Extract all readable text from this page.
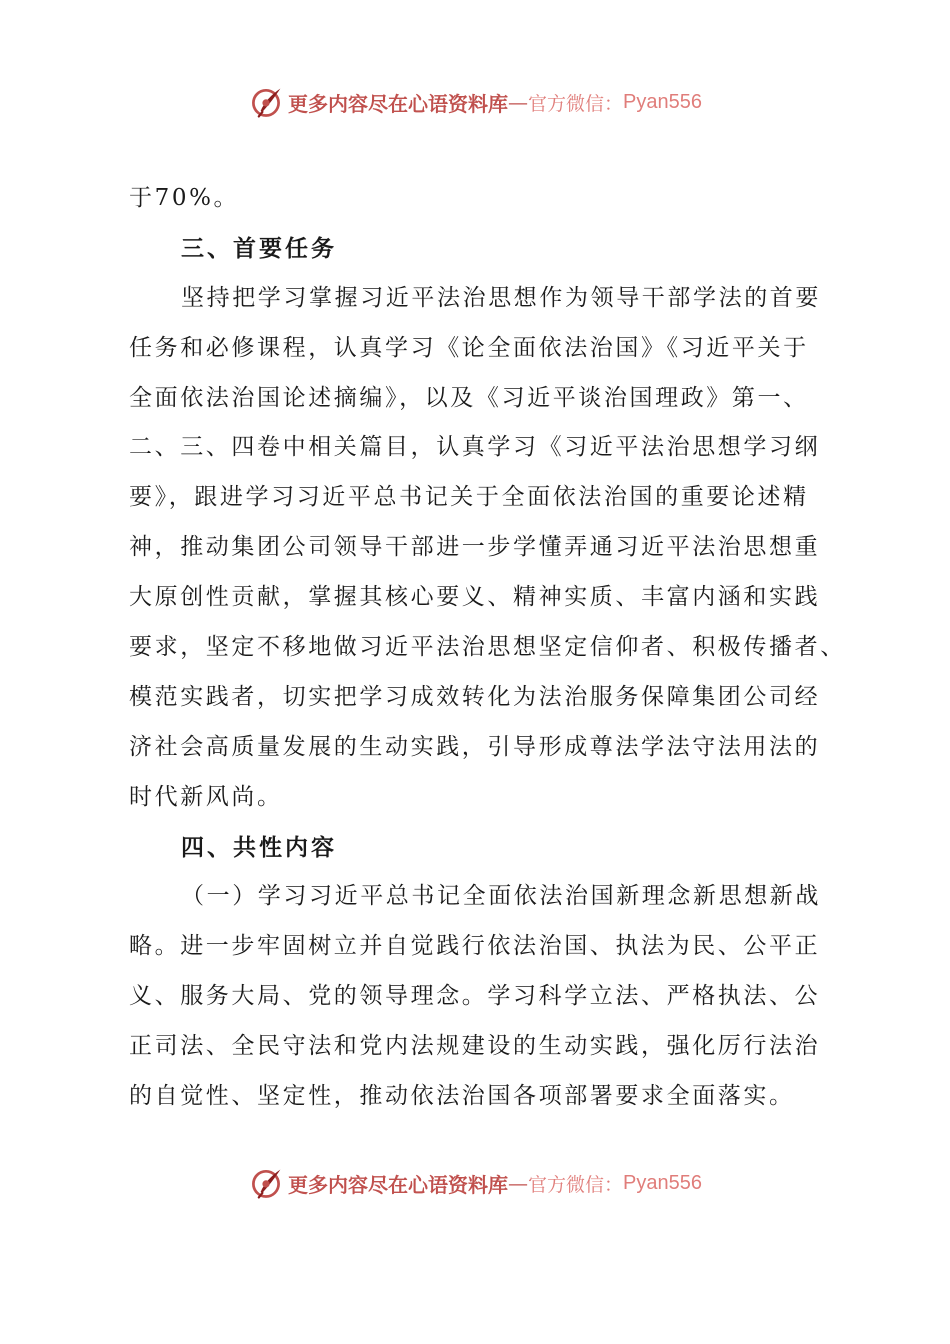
更多内容尽在心语资料库 — 官方微信： Pyan556
于70%。
三、首要任务
坚持把学习掌握习近平法治思想作为领导干部学法的首要
任务和必修课程，认真学习《论全面依法治国》《习近平关于
全面依法治国论述摘编》，以及《习近平谈治国理政》第一、
二、三、四卷中相关篇目，认真学习《习近平法治思想学习纲
要》，跟进学习习近平总书记关于全面依法治国的重要论述精
神，推动集团公司领导干部进一步学懂弄通习近平法治思想重
大原创性贡献，掌握其核心要义、精神实质、丰富内涵和实践
要求，坚定不移地做习近平法治思想坚定信仰者、积极传播者、
模范实践者，切实把学习成效转化为法治服务保障集团公司经
济社会高质量发展的生动实践，引导形成尊法学法守法用法的
时代新风尚。
四、共性内容
（一）学习习近平总书记全面依法治国新理念新思想新战
略。进一步牢固树立并自觉践行依法治国、执法为民、公平正
义、服务大局、党的领导理念。学习科学立法、严格执法、公
正司法、全民守法和党内法规建设的生动实践，强化厉行法治
的自觉性、坚定性，推动依法治国各项部署要求全面落实。
更多内容尽在心语资料库 — 官方微信： Pyan556
